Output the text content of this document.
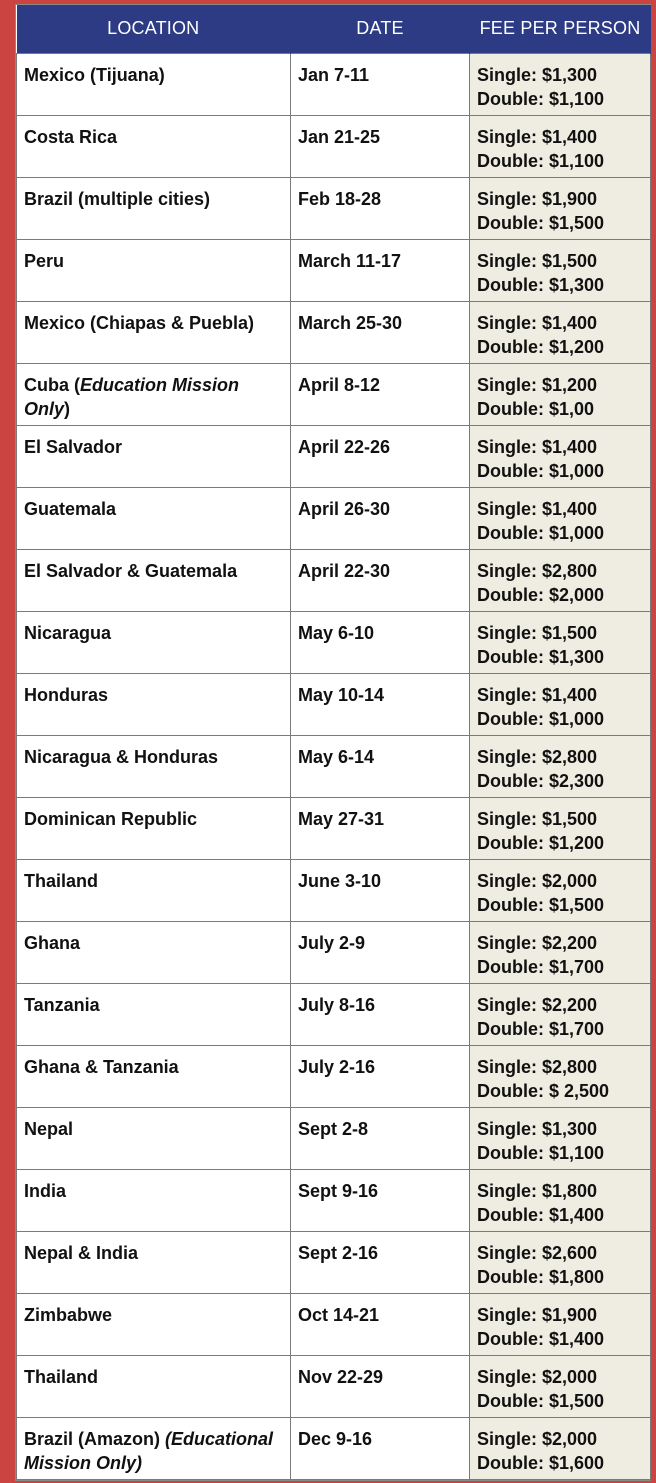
LOCATION	DATE	FEE PER PERSON
Mexico (Tijuana)	Jan 7-11	Single: $1,300
Double: $1,100

Costa Rica	Jan 21-25	Single: $1,400
Double: $1,100

Brazil (multiple cities)	Feb 18-28	Single: $1,900
Double: $1,500

Peru	March 11-17	Single: $1,500
Double: $1,300

Mexico (Chiapas & Puebla)	March 25-30	Single: $1,400
Double: $1,200

Cuba (Education Mission Only)	April 8-12	Single: $1,200
Double: $1,00

El Salvador	April 22-26	Single: $1,400
Double: $1,000

Guatemala	April 26-30	Single: $1,400
Double: $1,000

El Salvador & Guatemala	April 22-30	Single: $2,800
Double: $2,000

Nicaragua	May 6-10	Single: $1,500
Double: $1,300

Honduras	May 10-14	Single: $1,400
Double: $1,000

Nicaragua & Honduras	May 6-14	Single: $2,800
Double: $2,300

Dominican Republic	May 27-31	Single: $1,500
Double: $1,200

Thailand	June 3-10	Single: $2,000
Double: $1,500

Ghana	July 2-9	Single: $2,200
Double: $1,700

Tanzania	July 8-16	Single: $2,200
Double: $1,700

Ghana & Tanzania	July 2-16	Single: $2,800
Double: $ 2,500

Nepal	Sept 2-8	Single: $1,300
Double: $1,100

India	Sept 9-16	Single: $1,800
Double: $1,400

Nepal & India	Sept 2-16	Single: $2,600
Double: $1,800

Zimbabwe	Oct 14-21	Single: $1,900
Double: $1,400

Thailand	Nov 22-29	Single: $2,000
Double: $1,500

Brazil (Amazon) (Educational Mission Only)	Dec 9-16	Single: $2,000
Double: $1,600
